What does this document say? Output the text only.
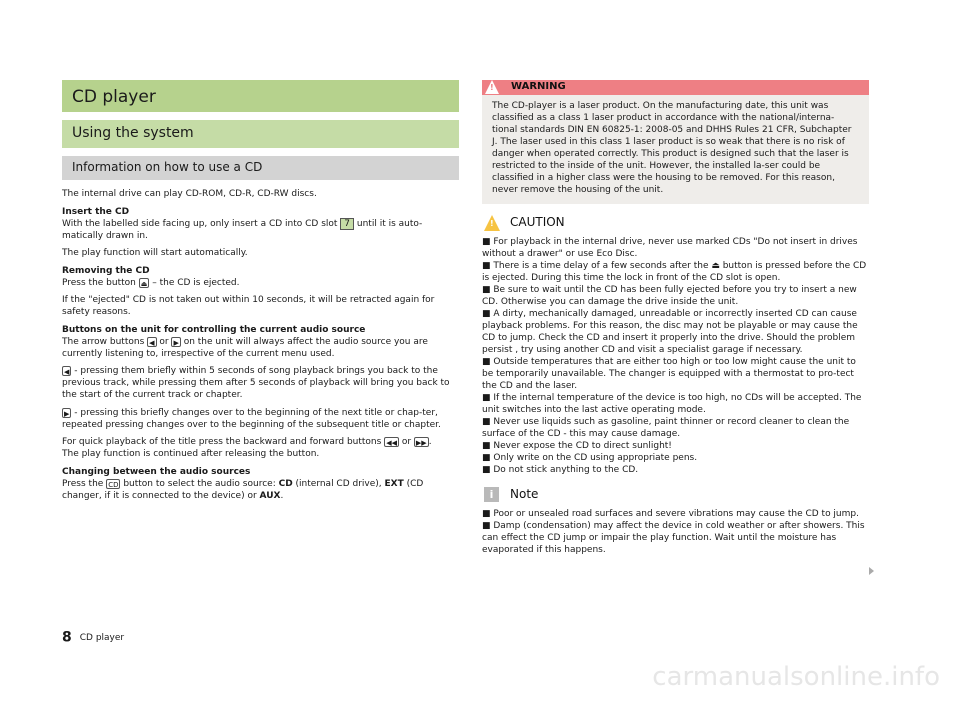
CD player
Using the system
Information on how to use a CD

The internal drive can play CD-ROM, CD-R, CD-RW discs.

Insert the CD
With the labelled side facing up, only insert a CD into CD slot 7 until it is auto-matically drawn in.

The play function will start automatically.

Removing the CD
Press the button ⏏ – the CD is ejected.

If the "ejected" CD is not taken out within 10 seconds, it will be retracted again for safety reasons.

Buttons on the unit for controlling the current audio source
The arrow buttons ◀ or ▶ on the unit will always affect the audio source you are currently listening to, irrespective of the current menu used.

◀ - pressing them briefly within 5 seconds of song playback brings you back to the previous track, while pressing them after 5 seconds of playback will bring you back to the start of the current track or chapter.

▶ - pressing this briefly changes over to the beginning of the next title or chap-ter, repeated pressing changes over to the beginning of the subsequent title or chapter.

For quick playback of the title press the backward and forward buttons ◀◀ or ▶▶ .
The play function is continued after releasing the button.

Changing between the audio sources
Press the CD button to select the audio source: CD (internal CD drive), EXT (CD changer, if it is connected to the device) or AUX.

!
WARNING
The CD-player is a laser product. On the manufacturing date, this unit was classified as a class 1 laser product in accordance with the national/interna-tional standards DIN EN 60825-1: 2008-05 and DHHS Rules 21 CFR, Subchapter J. The laser used in this class 1 laser product is so weak that there is no risk of danger when operated correctly. This product is designed such that the laser is restricted to the inside of the unit. However, the installed la-ser could be classified in a higher class were the housing to be removed. For this reason, never remove the housing of the unit.
!
CAUTION
■ For playback in the internal drive, never use marked CDs "Do not insert in drives without a drawer" or use Eco Disc.
■ There is a time delay of a few seconds after the ⏏ button is pressed before the CD is ejected. During this time the lock in front of the CD slot is open.
■ Be sure to wait until the CD has been fully ejected before you try to insert a new CD. Otherwise you can damage the drive inside the unit.
■ A dirty, mechanically damaged, unreadable or incorrectly inserted CD can cause playback problems. For this reason, the disc may not be playable or may cause the CD to jump. Check the CD and insert it properly into the drive. Should the problem persist , try using another CD and visit a specialist garage if necessary.
■ Outside temperatures that are either too high or too low might cause the unit to be temporarily unavailable. The changer is equipped with a thermostat to pro-tect the CD and the laser.
■ If the internal temperature of the device is too high, no CDs will be accepted. The unit switches into the last active operating mode.
■ Never use liquids such as gasoline, paint thinner or record cleaner to clean the surface of the CD - this may cause damage.
■ Never expose the CD to direct sunlight!
■ Only write on the CD using appropriate pens.
■ Do not stick anything to the CD.
i	Note
■ Poor or unsealed road surfaces and severe vibrations may cause the CD to jump.
■ Damp (condensation) may affect the device in cold weather or after showers. This can effect the CD jump or impair the play function. Wait until the moisture has evaporated if this happens.
8 CD player
carmanualsonline.info
